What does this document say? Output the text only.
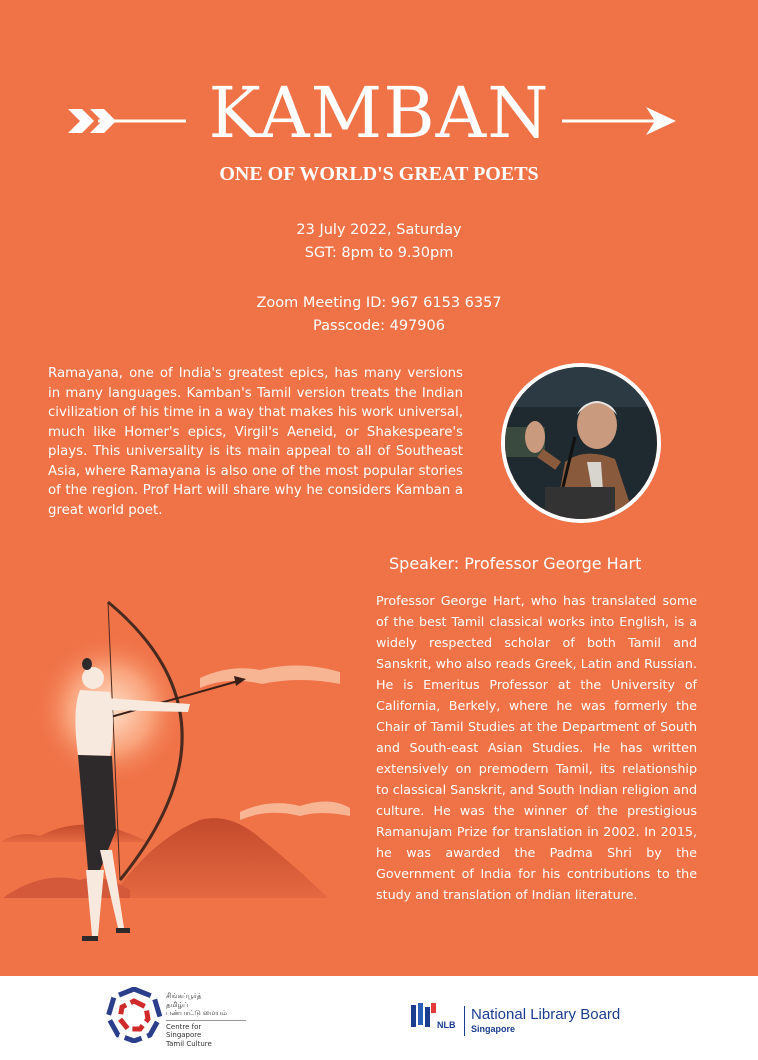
KAMBAN
ONE OF WORLD'S GREAT POETS
23 July 2022, Saturday
SGT: 8pm to 9.30pm
Zoom Meeting ID: 967 6153 6357
Passcode: 497906
Ramayana, one of India's greatest epics, has many versions in many languages. Kamban's Tamil version treats the Indian civilization of his time in a way that makes his work universal, much like Homer's epics, Virgil's Aeneid, or Shakespeare's plays. This universality is its main appeal to all of Southeast Asia, where Ramayana is also one of the most popular stories of the region. Prof Hart will share why he considers Kamban a great world poet.
Speaker: Professor George Hart
Professor George Hart, who has translated some of the best Tamil classical works into English, is a widely respected scholar of both Tamil and Sanskrit, who also reads Greek, Latin and Russian. He is Emeritus Professor at the University of California, Berkely, where he was formerly the Chair of Tamil Studies at the Department of South and South-east Asian Studies. He has written extensively on premodern Tamil, its relationship to classical Sanskrit, and South Indian religion and culture. He was the winner of the prestigious Ramanujam Prize for translation in 2002. In 2015, he was awarded the Padma Shri by the Government of India for his contributions to the study and translation of Indian literature.
சிங்கப்பூர்த்
தமிழ்ப்
பண்பாட்டு மையம்
Centre for
Singapore
Tamil Culture
NLB
National Library Board
Singapore
